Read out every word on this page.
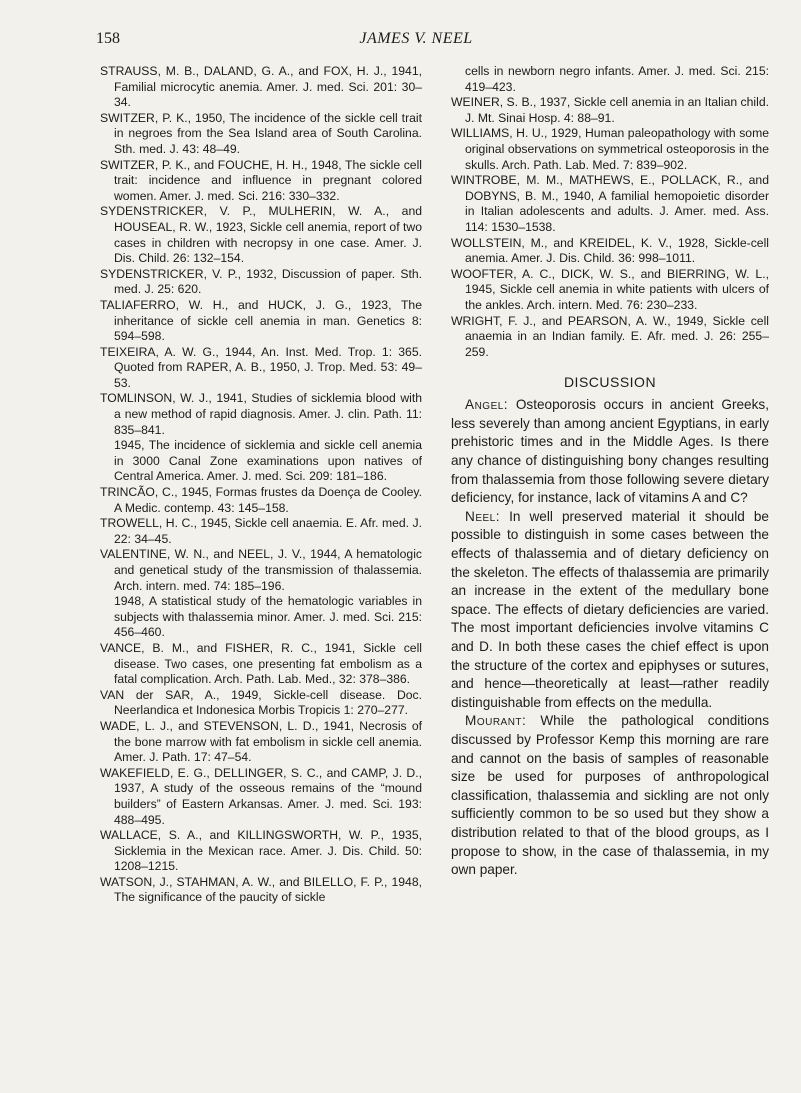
158	JAMES V. NEEL

STRAUSS, M. B., DALAND, G. A., and FOX, H. J., 1941, Familial microcytic anemia. Amer. J. med. Sci. 201: 30–34.

SWITZER, P. K., 1950, The incidence of the sickle cell trait in negroes from the Sea Island area of South Carolina. Sth. med. J. 43: 48–49.

SWITZER, P. K., and FOUCHE, H. H., 1948, The sickle cell trait: incidence and influence in pregnant colored women. Amer. J. med. Sci. 216: 330–332.

SYDENSTRICKER, V. P., MULHERIN, W. A., and HOUSEAL, R. W., 1923, Sickle cell anemia, report of two cases in children with necropsy in one case. Amer. J. Dis. Child. 26: 132–154.

SYDENSTRICKER, V. P., 1932, Discussion of paper. Sth. med. J. 25: 620.

TALIAFERRO, W. H., and HUCK, J. G., 1923, The inheritance of sickle cell anemia in man. Genetics 8: 594–598.

TEIXEIRA, A. W. G., 1944, An. Inst. Med. Trop. 1: 365. Quoted from RAPER, A. B., 1950, J. Trop. Med. 53: 49–53.

TOMLINSON, W. J., 1941, Studies of sicklemia blood with a new method of rapid diagnosis. Amer. J. clin. Path. 11: 835–841.

1945, The incidence of sicklemia and sickle cell anemia in 3000 Canal Zone examinations upon natives of Central America. Amer. J. med. Sci. 209: 181–186.

TRINCÃO, C., 1945, Formas frustes da Doença de Cooley. A Medic. contemp. 43: 145–158.

TROWELL, H. C., 1945, Sickle cell anaemia. E. Afr. med. J. 22: 34–45.

VALENTINE, W. N., and NEEL, J. V., 1944, A hematologic and genetical study of the transmission of thalassemia. Arch. intern. med. 74: 185–196.

1948, A statistical study of the hematologic variables in subjects with thalassemia minor. Amer. J. med. Sci. 215: 456–460.

VANCE, B. M., and FISHER, R. C., 1941, Sickle cell disease. Two cases, one presenting fat embolism as a fatal complication. Arch. Path. Lab. Med., 32: 378–386.

VAN der SAR, A., 1949, Sickle-cell disease. Doc. Neerlandica et Indonesica Morbis Tropicis 1: 270–277.

WADE, L. J., and STEVENSON, L. D., 1941, Necrosis of the bone marrow with fat embolism in sickle cell anemia. Amer. J. Path. 17: 47–54.

WAKEFIELD, E. G., DELLINGER, S. C., and CAMP, J. D., 1937, A study of the osseous remains of the “mound builders” of Eastern Arkansas. Amer. J. med. Sci. 193: 488–495.

WALLACE, S. A., and KILLINGSWORTH, W. P., 1935, Sicklemia in the Mexican race. Amer. J. Dis. Child. 50: 1208–1215.

WATSON, J., STAHMAN, A. W., and BILELLO, F. P., 1948, The significance of the paucity of sickle

cells in newborn negro infants. Amer. J. med. Sci. 215: 419–423.

WEINER, S. B., 1937, Sickle cell anemia in an Italian child. J. Mt. Sinai Hosp. 4: 88–91.

WILLIAMS, H. U., 1929, Human paleopathology with some original observations on symmetrical osteoporosis in the skulls. Arch. Path. Lab. Med. 7: 839–902.

WINTROBE, M. M., MATHEWS, E., POLLACK, R., and DOBYNS, B. M., 1940, A familial hemopoietic disorder in Italian adolescents and adults. J. Amer. med. Ass. 114: 1530–1538.

WOLLSTEIN, M., and KREIDEL, K. V., 1928, Sickle-cell anemia. Amer. J. Dis. Child. 36: 998–1011.

WOOFTER, A. C., DICK, W. S., and BIERRING, W. L., 1945, Sickle cell anemia in white patients with ulcers of the ankles. Arch. intern. Med. 76: 230–233.

WRIGHT, F. J., and PEARSON, A. W., 1949, Sickle cell anaemia in an Indian family. E. Afr. med. J. 26: 255–259.

DISCUSSION

Angel: Osteoporosis occurs in ancient Greeks, less severely than among ancient Egyptians, in early prehistoric times and in the Middle Ages. Is there any chance of distinguishing bony changes resulting from thalassemia from those following severe dietary deficiency, for instance, lack of vitamins A and C?

Neel: In well preserved material it should be possible to distinguish in some cases between the effects of thalassemia and of dietary deficiency on the skeleton. The effects of thalassemia are primarily an increase in the extent of the medullary bone space. The effects of dietary deficiencies are varied. The most important deficiencies involve vitamins C and D. In both these cases the chief effect is upon the structure of the cortex and epiphyses or sutures, and hence—theoretically at least—rather readily distinguishable from effects on the medulla.

Mourant: While the pathological conditions discussed by Professor Kemp this morning are rare and cannot on the basis of samples of reasonable size be used for purposes of anthropological classification, thalassemia and sickling are not only sufficiently common to be so used but they show a distribution related to that of the blood groups, as I propose to show, in the case of thalassemia, in my own paper.
